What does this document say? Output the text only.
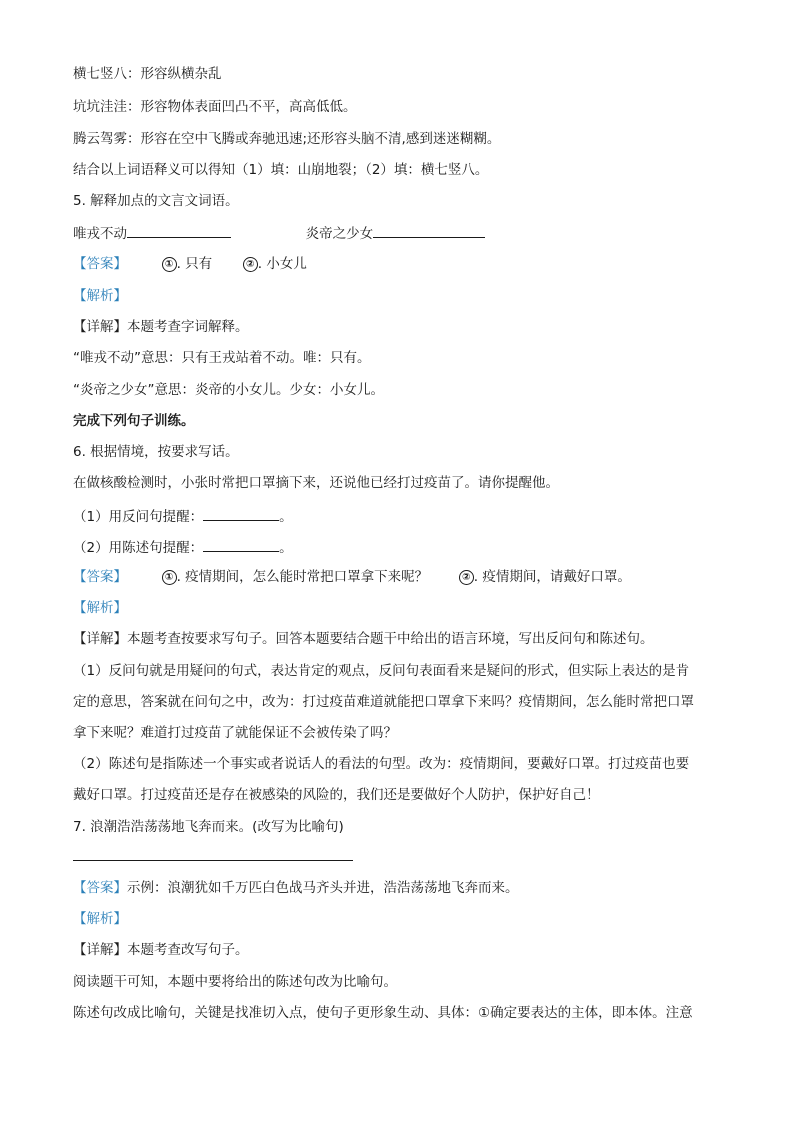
横七竖八：形容纵横杂乱
坑坑洼洼：形容物体表面凹凸不平，高高低低。
腾云驾雾：形容在空中飞腾或奔驰迅速;还形容头脑不清,感到迷迷糊糊。
结合以上词语释义可以得知（1）填：山崩地裂；（2）填：横七竖八。
5. 解释加点的文言文词语。
唯戎不动	炎帝之少女
【答案】	① . 只有	② . 小女儿
【解析】
【详解】本题考查字词解释。
“唯戎不动”意思：只有王戎站着不动。唯：只有。
“炎帝之少女”意思：炎帝的小女儿。少女：小女儿。
完成下列句子训练。
6. 根据情境，按要求写话。
在做核酸检测时，小张时常把口罩摘下来，还说他已经打过疫苗了。请你提醒他。
（1）用反问句提醒：	。
（2）用陈述句提醒：	。
【答案】	① . 疫情期间，怎么能时常把口罩拿下来呢？	② . 疫情期间，请戴好口罩。
【解析】
【详解】本题考查按要求写句子。回答本题要结合题干中给出的语言环境，写出反问句和陈述句。
（1）反问句就是用疑问的句式，表达肯定的观点，反问句表面看来是疑问的形式，但实际上表达的是肯
定的意思，答案就在问句之中，改为：打过疫苗难道就能把口罩拿下来吗？疫情期间，怎么能时常把口罩
拿下来呢？难道打过疫苗了就能保证不会被传染了吗？
（2）陈述句是指陈述一个事实或者说话人的看法的句型。改为：疫情期间，要戴好口罩。打过疫苗也要
戴好口罩。打过疫苗还是存在被感染的风险的，我们还是要做好个人防护，保护好自己！
7. 浪潮浩浩荡荡地飞奔而来。(改写为比喻句)
【答案】示例：浪潮犹如千万匹白色战马齐头并进，浩浩荡荡地飞奔而来。
【解析】
【详解】本题考查改写句子。
阅读题干可知，本题中要将给出的陈述句改为比喻句。
陈述句改成比喻句，关键是找准切入点，使句子更形象生动、具体：①确定要表达的主体，即本体。注意
